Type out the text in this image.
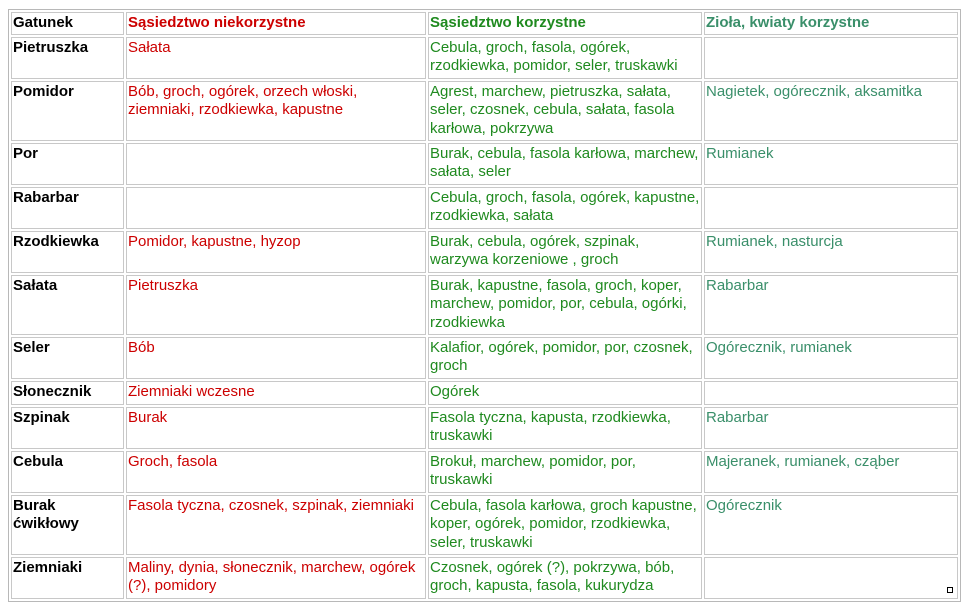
Gatunek	Sąsiedztwo niekorzystne	Sąsiedztwo korzystne	Zioła, kwiaty korzystne
Pietruszka	Sałata	Cebula, groch, fasola, ogórek, rzodkiewka, pomidor, seler, truskawki	
Pomidor	Bób, groch, ogórek, orzech włoski, ziemniaki, rzodkiewka, kapustne	Agrest, marchew, pietruszka, sałata, seler, czosnek, cebula, sałata, fasola karłowa, pokrzywa	Nagietek, ogórecznik, aksamitka
Por		Burak, cebula, fasola karłowa, marchew, sałata, seler	Rumianek
Rabarbar		Cebula, groch, fasola, ogórek, kapustne, rzodkiewka, sałata	
Rzodkiewka	Pomidor, kapustne, hyzop	Burak, cebula, ogórek, szpinak, warzywa korzeniowe , groch	Rumianek, nasturcja
Sałata	Pietruszka	Burak, kapustne, fasola, groch, koper, marchew, pomidor, por, cebula, ogórki, rzodkiewka	Rabarbar
Seler	Bób	Kalafior, ogórek, pomidor, por, czosnek, groch	Ogórecznik, rumianek
Słonecznik	Ziemniaki wczesne	Ogórek	
Szpinak	Burak	Fasola tyczna, kapusta, rzodkiewka, truskawki	Rabarbar
Cebula	Groch, fasola	Brokuł, marchew, pomidor, por, truskawki	Majeranek, rumianek, cząber
Burak ćwikłowy	Fasola tyczna, czosnek, szpinak, ziemniaki	Cebula, fasola karłowa, groch kapustne, koper, ogórek, pomidor, rzodkiewka, seler, truskawki	Ogórecznik
Ziemniaki	Maliny, dynia, słonecznik, marchew, ogórek (?), pomidory	Czosnek, ogórek (?), pokrzywa, bób, groch, kapusta, fasola, kukurydza	
